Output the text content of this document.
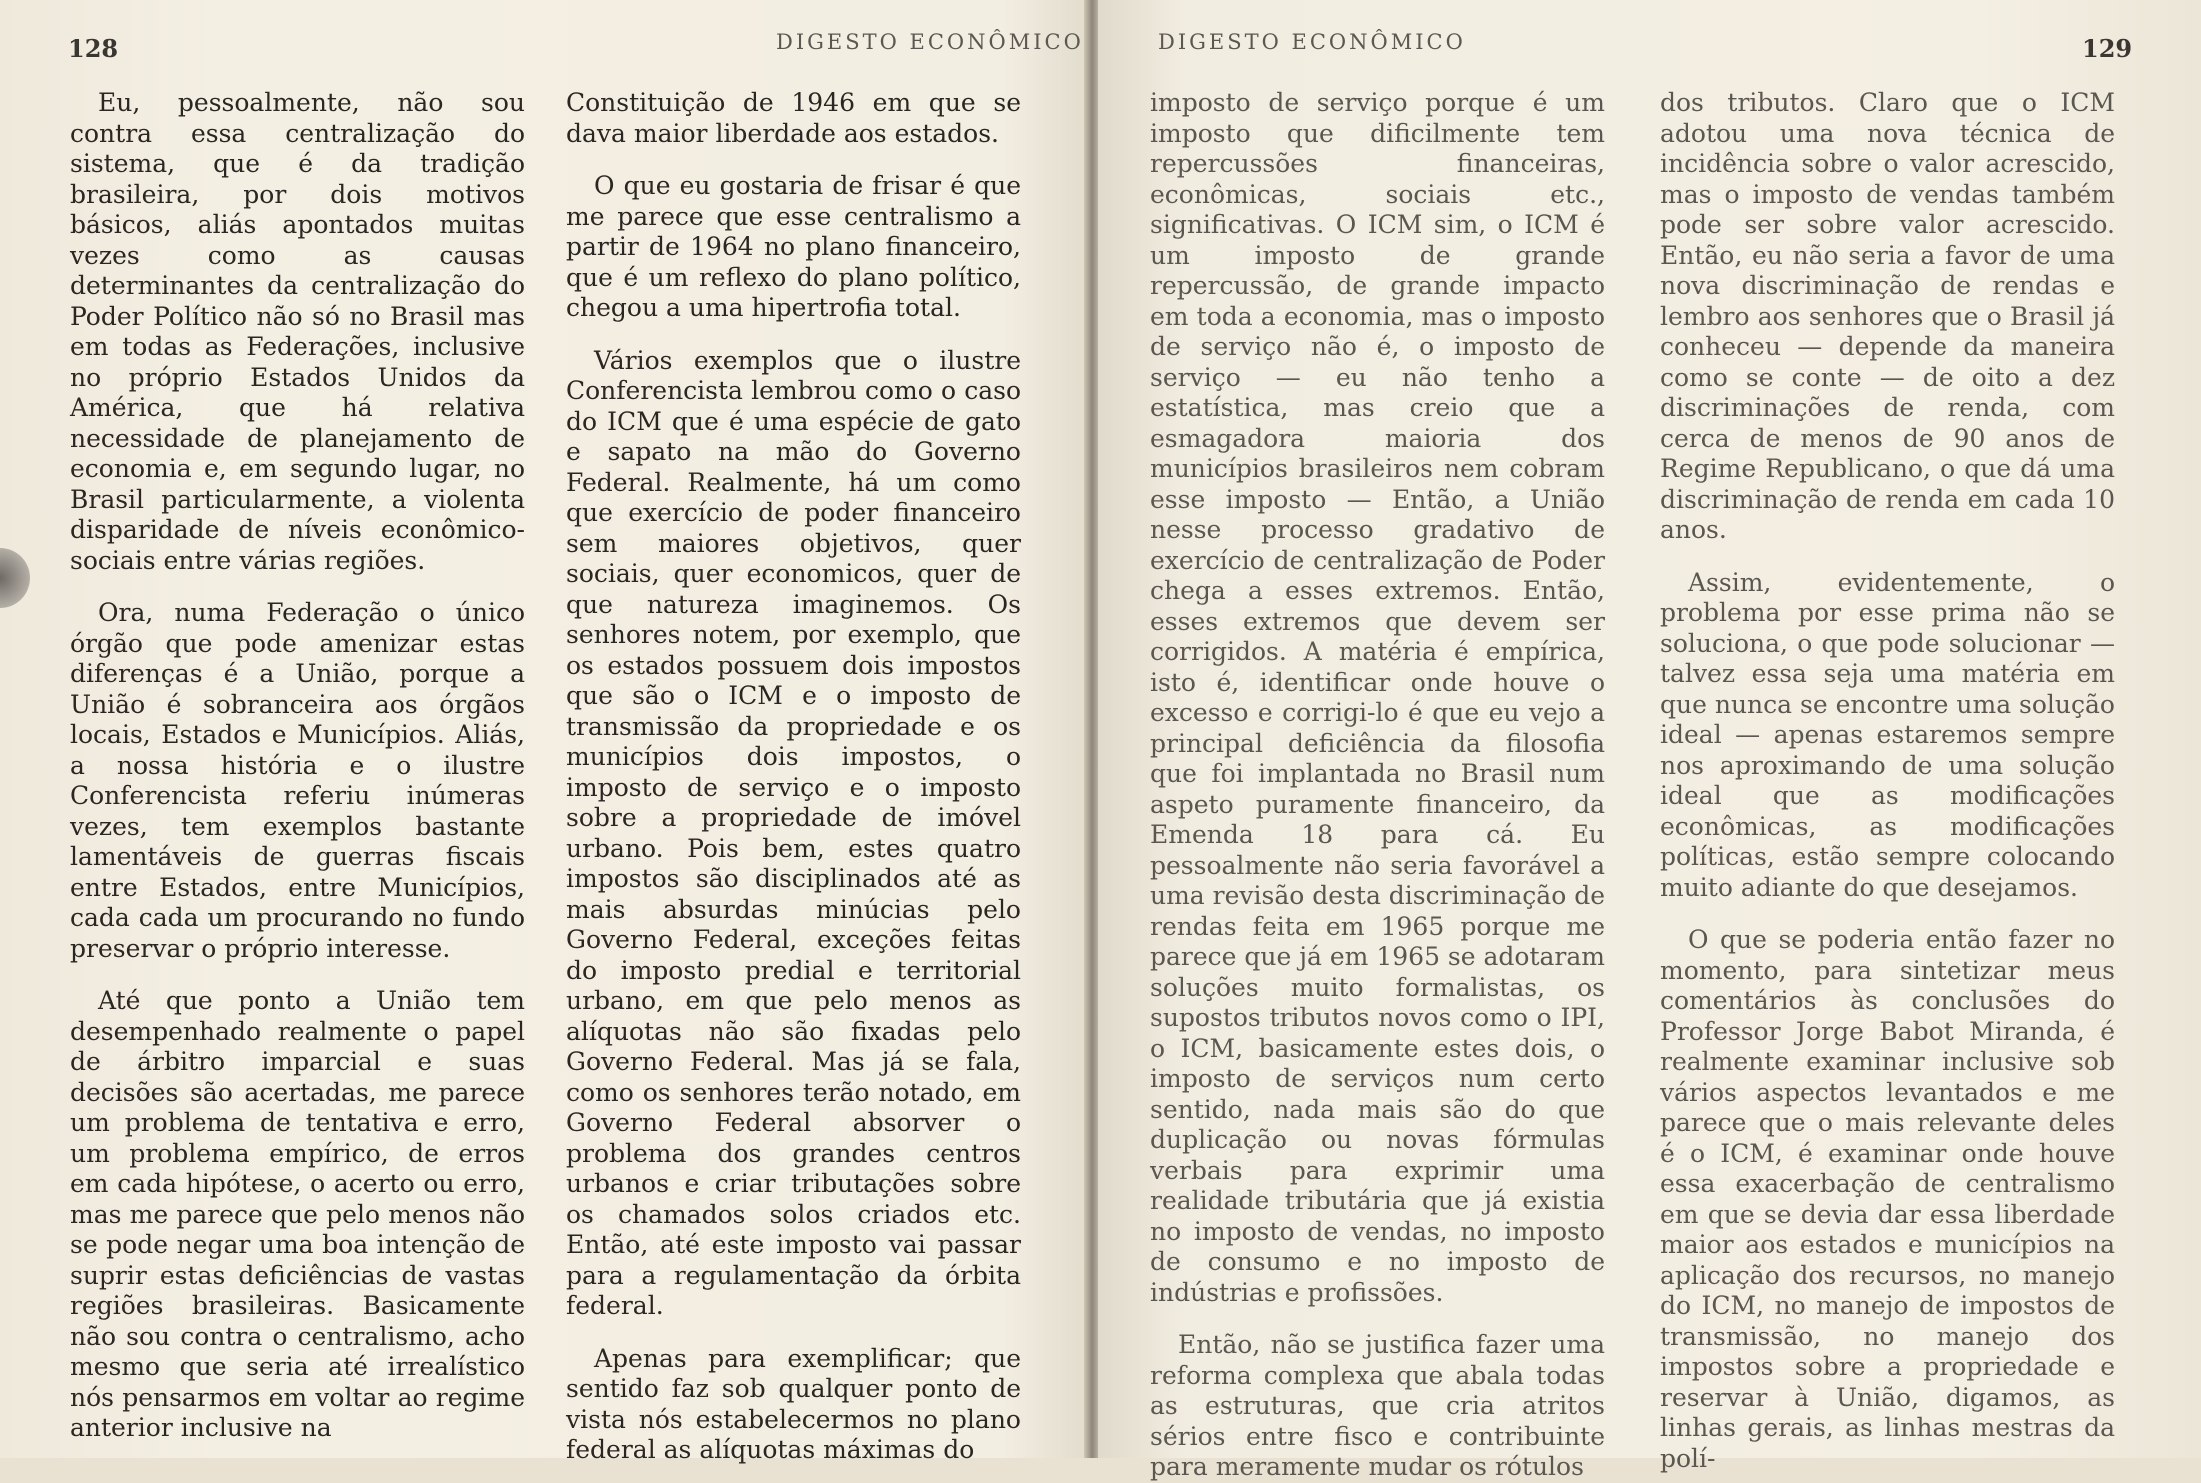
128	DIGESTO ECONÔMICO

Eu, pessoalmente, não sou contra essa centralização do sistema, que é da tradição brasileira, por dois motivos básicos, aliás apontados muitas vezes como as causas determinantes da centralização do Poder Político não só no Brasil mas em todas as Federações, inclusive no próprio Estados Unidos da América, que há relativa necessidade de planejamento de economia e, em segundo lugar, no Brasil particularmente, a violenta disparidade de níveis econômico-sociais entre várias regiões.

Ora, numa Federação o único órgão que pode amenizar estas diferenças é a União, porque a União é sobranceira aos órgãos locais, Estados e Municípios. Aliás, a nossa história e o ilustre Conferencista referiu inúmeras vezes, tem exemplos bastante lamentáveis de guerras fiscais entre Estados, entre Municípios, cada cada um procurando no fundo preservar o próprio interesse.

Até que ponto a União tem desempenhado realmente o papel de árbitro imparcial e suas decisões são acertadas, me parece um problema de tentativa e erro, um problema empírico, de erros em cada hipótese, o acerto ou erro, mas me parece que pelo menos não se pode negar uma boa intenção de suprir estas deficiências de vastas regiões brasileiras. Basicamente não sou contra o centralismo, acho mesmo que seria até irrealístico nós pensarmos em voltar ao regime anterior inclusive na

Constituição de 1946 em que se dava maior liberdade aos estados.

O que eu gostaria de frisar é que me parece que esse centralismo a partir de 1964 no plano financeiro, que é um reflexo do plano político, chegou a uma hipertrofia total.

Vários exemplos que o ilustre Conferencista lembrou como o caso do ICM que é uma espécie de gato e sapato na mão do Governo Federal. Realmente, há um como que exercício de poder financeiro sem maiores objetivos, quer sociais, quer economicos, quer de que natureza imaginemos. Os senhores notem, por exemplo, que os estados possuem dois impostos que são o ICM e o imposto de transmissão da propriedade e os municípios dois impostos, o imposto de serviço e o imposto sobre a propriedade de imóvel urbano. Pois bem, estes quatro impostos são disciplinados até as mais absurdas minúcias pelo Governo Federal, exceções feitas do imposto predial e territorial urbano, em que pelo menos as alíquotas não são fixadas pelo Governo Federal. Mas já se fala, como os senhores terão notado, em Governo Federal absorver o problema dos grandes centros urbanos e criar tributações sobre os chamados solos criados etc. Então, até este imposto vai passar para a regulamentação da órbita federal.

Apenas para exemplificar; que sentido faz sob qualquer ponto de vista nós estabelecermos no plano federal as alíquotas máximas do

DIGESTO ECONÔMICO	129

imposto de serviço porque é um imposto que dificilmente tem repercussões financeiras, econômicas, sociais etc., significativas. O ICM sim, o ICM é um imposto de grande repercussão, de grande impacto em toda a economia, mas o imposto de serviço não é, o imposto de serviço — eu não tenho a estatística, mas creio que a esmagadora maioria dos municípios brasileiros nem cobram esse imposto — Então, a União nesse processo gradativo de exercício de centralização de Poder chega a esses extremos. Então, esses extremos que devem ser corrigidos. A matéria é empírica, isto é, identificar onde houve o excesso e corrigi-lo é que eu vejo a principal deficiência da filosofia que foi implantada no Brasil num aspeto puramente financeiro, da Emenda 18 para cá. Eu pessoalmente não seria favorável a uma revisão desta discriminação de rendas feita em 1965 porque me parece que já em 1965 se adotaram soluções muito formalistas, os supostos tributos novos como o IPI, o ICM, basicamente estes dois, o imposto de serviços num certo sentido, nada mais são do que duplicação ou novas fórmulas verbais para exprimir uma realidade tributária que já existia no imposto de vendas, no imposto de consumo e no imposto de indústrias e profissões.

Então, não se justifica fazer uma reforma complexa que abala todas as estruturas, que cria atritos sérios entre fisco e contribuinte para meramente mudar os rótulos

dos tributos. Claro que o ICM adotou uma nova técnica de incidência sobre o valor acrescido, mas o imposto de vendas também pode ser sobre valor acrescido. Então, eu não seria a favor de uma nova discriminação de rendas e lembro aos senhores que o Brasil já conheceu — depende da maneira como se conte — de oito a dez discriminações de renda, com cerca de menos de 90 anos de Regime Republicano, o que dá uma discriminação de renda em cada 10 anos.

Assim, evidentemente, o problema por esse prima não se soluciona, o que pode solucionar — talvez essa seja uma matéria em que nunca se encontre uma solução ideal — apenas estaremos sempre nos aproximando de uma solução ideal que as modificações econômicas, as modificações políticas, estão sempre colocando muito adiante do que desejamos.

O que se poderia então fazer no momento, para sintetizar meus comentários às conclusões do Professor Jorge Babot Miranda, é realmente examinar inclusive sob vários aspectos levantados e me parece que o mais relevante deles é o ICM, é examinar onde houve essa exacerbação de centralismo em que se devia dar essa liberdade maior aos estados e municípios na aplicação dos recursos, no manejo do ICM, no manejo de impostos de transmissão, no manejo dos impostos sobre a propriedade e reservar à União, digamos, as linhas gerais, as linhas mestras da polí-
